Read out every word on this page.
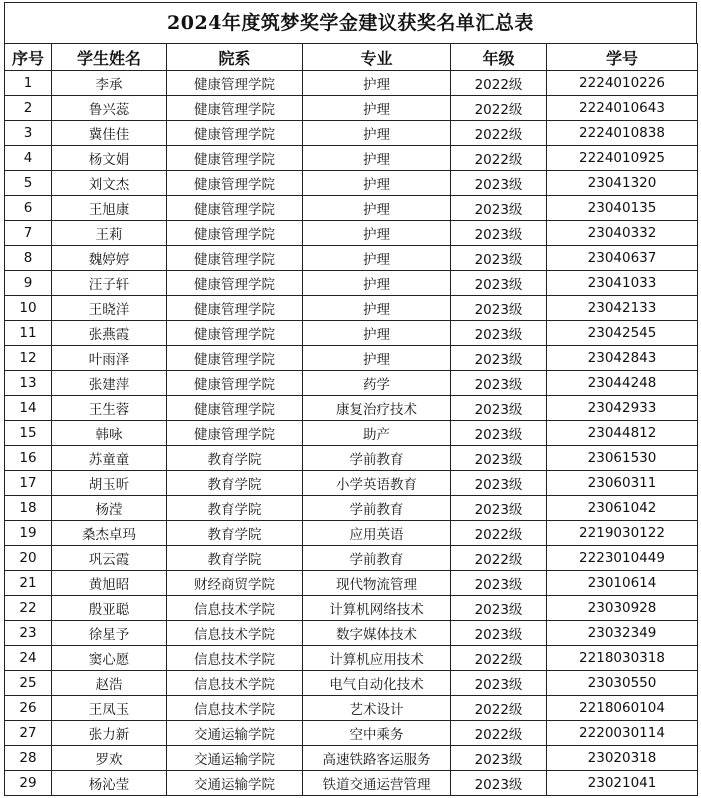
2024年度筑梦奖学金建议获奖名单汇总表
序号	学生姓名	院系	专业	年级	学号
1	李承	健康管理学院	护理	2022级	2224010226
2	鲁兴蕊	健康管理学院	护理	2022级	2224010643
3	冀佳佳	健康管理学院	护理	2022级	2224010838
4	杨文娟	健康管理学院	护理	2022级	2224010925
5	刘文杰	健康管理学院	护理	2023级	23041320
6	王旭康	健康管理学院	护理	2023级	23040135
7	王莉	健康管理学院	护理	2023级	23040332
8	魏婷婷	健康管理学院	护理	2023级	23040637
9	汪子轩	健康管理学院	护理	2023级	23041033
10	王晓洋	健康管理学院	护理	2023级	23042133
11	张燕霞	健康管理学院	护理	2023级	23042545
12	叶雨泽	健康管理学院	护理	2023级	23042843
13	张建萍	健康管理学院	药学	2023级	23044248
14	王生蓉	健康管理学院	康复治疗技术	2023级	23042933
15	韩咏	健康管理学院	助产	2023级	23044812
16	苏童童	教育学院	学前教育	2023级	23061530
17	胡玉昕	教育学院	小学英语教育	2023级	23060311
18	杨滢	教育学院	学前教育	2023级	23061042
19	桑杰卓玛	教育学院	应用英语	2022级	2219030122
20	巩云霞	教育学院	学前教育	2022级	2223010449
21	黄旭昭	财经商贸学院	现代物流管理	2023级	23010614
22	殷亚聪	信息技术学院	计算机网络技术	2023级	23030928
23	徐星予	信息技术学院	数字媒体技术	2023级	23032349
24	窦心愿	信息技术学院	计算机应用技术	2022级	2218030318
25	赵浩	信息技术学院	电气自动化技术	2023级	23030550
26	王凤玉	信息技术学院	艺术设计	2022级	2218060104
27	张力新	交通运输学院	空中乘务	2022级	2220030114
28	罗欢	交通运输学院	高速铁路客运服务	2023级	23020318
29	杨沁莹	交通运输学院	铁道交通运营管理	2023级	23021041
